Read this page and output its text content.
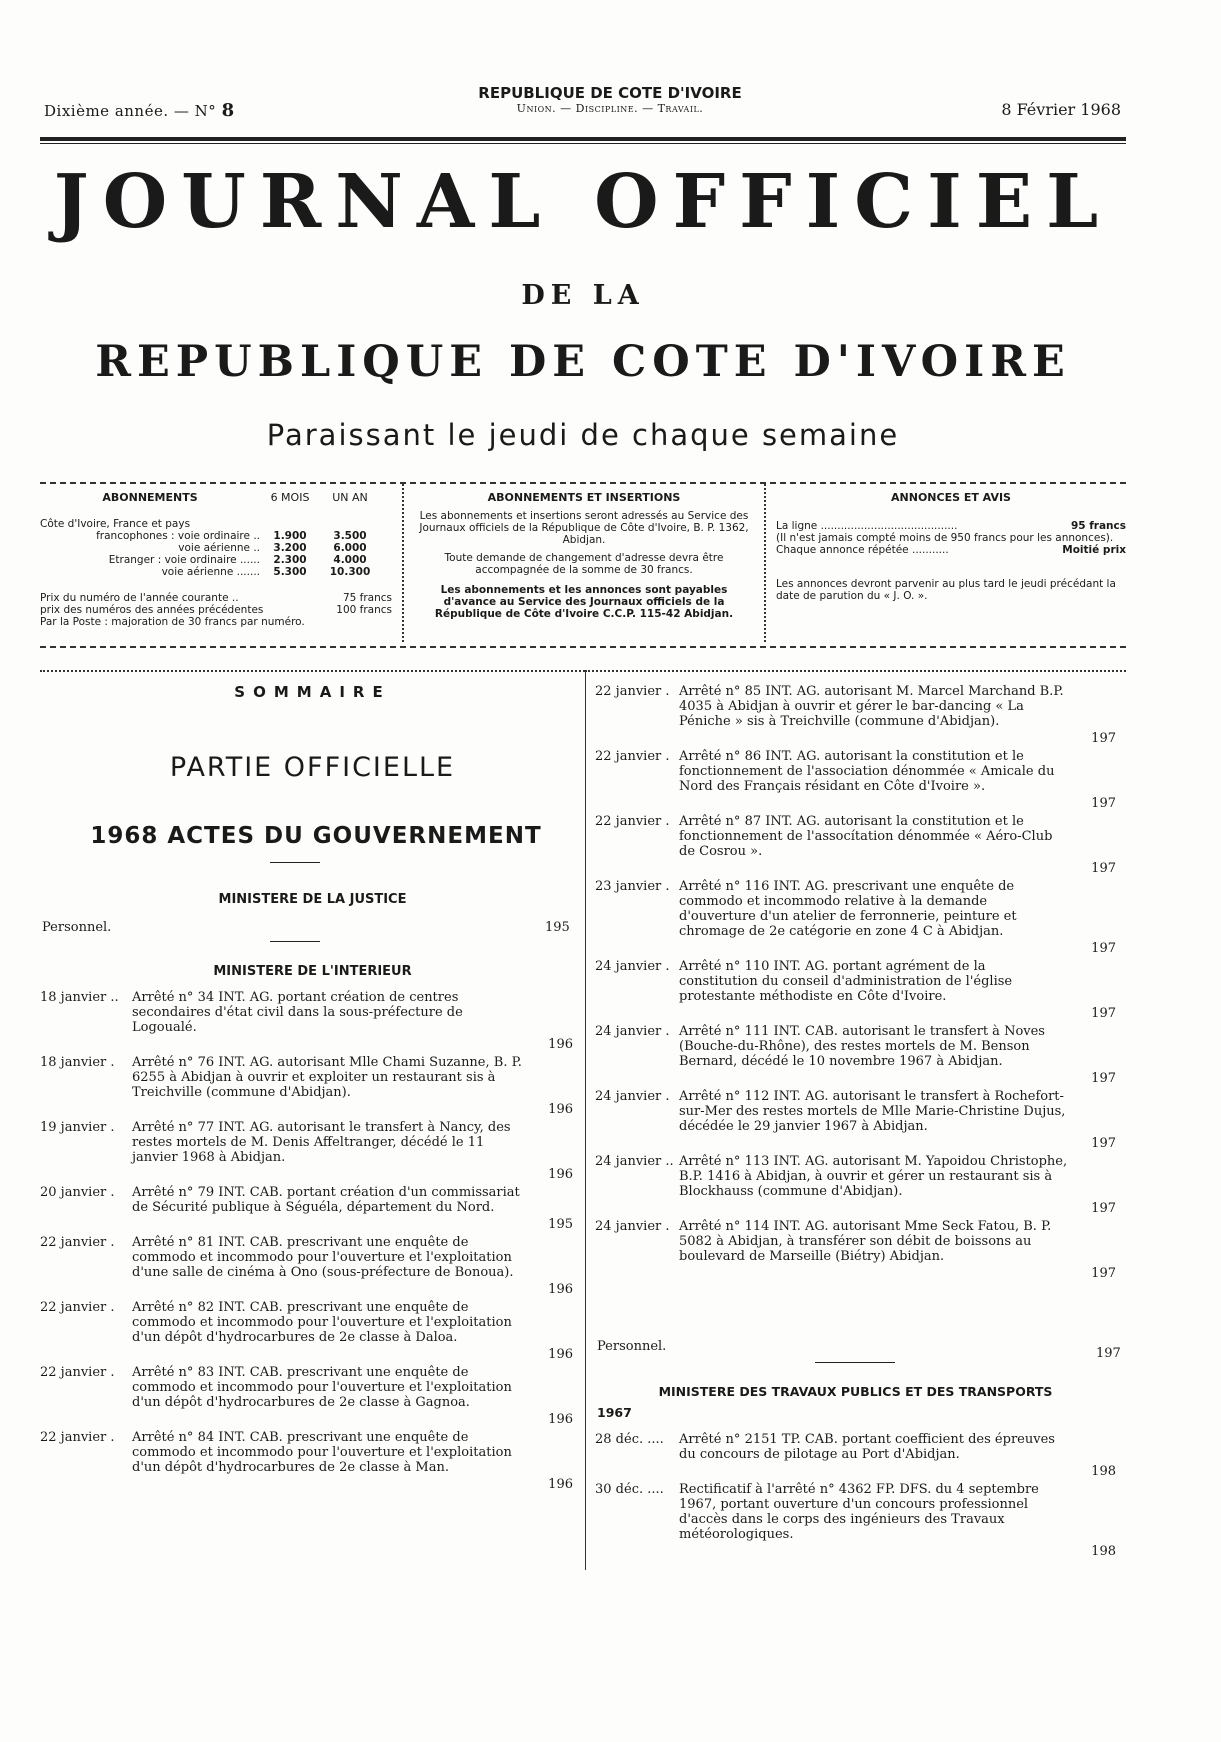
Dixième année. — N° 8
REPUBLIQUE DE COTE D'IVOIRE
Union. — Discipline. — Travail.	8 Février 1968
JOURNAL OFFICIEL
DE LA
REPUBLIQUE DE COTE D'IVOIRE
Paraissant le jeudi de chaque semaine
ABONNEMENTS	6 MOIS	UN AN
Côte d'Ivoire, France et pays
francophones : voie ordinaire ..	1.900	3.500
voie aérienne ..	3.200	6.000
Etranger : voie ordinaire ......	2.300	4.000
voie aérienne .......	5.300	10.300
Prix du numéro de l'année courante ..	75 francs
prix des numéros des années précédentes	100 francs
Par la Poste : majoration de 30 francs par numéro.
ABONNEMENTS ET INSERTIONS
Les abonnements et insertions seront adressés au Service des Journaux officiels de la République de Côte d'Ivoire, B. P. 1362, Abidjan.
Toute demande de changement d'adresse devra être accompagnée de la somme de 30 francs.
Les abonnements et les annonces sont payables d'avance au Service des Journaux officiels de la République de Côte d'Ivoire C.C.P. 115-42 Abidjan.
ANNONCES ET AVIS
La ligne .........................................	95 francs
(Il n'est jamais compté moins de 950 francs pour les annonces).
Chaque annonce répétée ...........	Moitié prix
Les annonces devront parvenir au plus tard le jeudi précédant la date de parution du « J. O. ».
SOMMAIRE
PARTIE OFFICIELLE
1968 ACTES DU GOUVERNEMENT
MINISTERE DE LA JUSTICE
Personnel.	195
MINISTERE DE L'INTERIEUR
18 janvier .. Arrêté n° 34 INT. AG. portant création de centres secondaires d'état civil dans la sous-préfecture de Logoualé.
196
18 janvier . Arrêté n° 76 INT. AG. autorisant Mlle Chami Suzanne, B. P. 6255 à Abidjan à ouvrir et exploiter un restaurant sis à Treichville (commune d'Abidjan).
196
19 janvier . Arrêté n° 77 INT. AG. autorisant le transfert à Nancy, des restes mortels de M. Denis Affeltranger, décédé le 11 janvier 1968 à Abidjan.
196
20 janvier . Arrêté n° 79 INT. CAB. portant création d'un commissariat de Sécurité publique à Séguéla, département du Nord.
195
22 janvier . Arrêté n° 81 INT. CAB. prescrivant une enquête de commodo et incommodo pour l'ouverture et l'exploitation d'une salle de cinéma à Ono (sous-préfecture de Bonoua).
196
22 janvier . Arrêté n° 82 INT. CAB. prescrivant une enquête de commodo et incommodo pour l'ouverture et l'exploitation d'un dépôt d'hydrocarbures de 2e classe à Daloa.
196
22 janvier . Arrêté n° 83 INT. CAB. prescrivant une enquête de commodo et incommodo pour l'ouverture et l'exploitation d'un dépôt d'hydrocarbures de 2e classe à Gagnoa.
196
22 janvier . Arrêté n° 84 INT. CAB. prescrivant une enquête de commodo et incommodo pour l'ouverture et l'exploitation d'un dépôt d'hydrocarbures de 2e classe à Man.
196
22 janvier . Arrêté n° 85 INT. AG. autorisant M. Marcel Marchand B.P. 4035 à Abidjan à ouvrir et gérer le bar-dancing « La Péniche » sis à Treichville (commune d'Abidjan).
197
22 janvier . Arrêté n° 86 INT. AG. autorisant la constitution et le fonctionnement de l'association dénommée « Amicale du Nord des Français résidant en Côte d'Ivoire ».
197
22 janvier . Arrêté n° 87 INT. AG. autorisant la constitution et le fonctionnement de l'assocítation dénommée « Aéro-Club de Cosrou ».
197
23 janvier . Arrêté n° 116 INT. AG. prescrivant une enquête de commodo et incommodo relative à la demande d'ouverture d'un atelier de ferronnerie, peinture et chromage de 2e catégorie en zone 4 C à Abidjan.
197
24 janvier . Arrêté n° 110 INT. AG. portant agrément de la constitution du conseil d'administration de l'église protestante méthodiste en Côte d'Ivoire.
197
24 janvier . Arrêté n° 111 INT. CAB. autorisant le transfert à Noves (Bouche-du-Rhône), des restes mortels de M. Benson Bernard, décédé le 10 novembre 1967 à Abidjan.
197
24 janvier . Arrêté n° 112 INT. AG. autorisant le transfert à Rochefort-sur-Mer des restes mortels de Mlle Marie-Christine Dujus, décédée le 29 janvier 1967 à Abidjan.
197
24 janvier .. Arrêté n° 113 INT. AG. autorisant M. Yapoidou Christophe, B.P. 1416 à Abidjan, à ouvrir et gérer un restaurant sis à Blockhauss (commune d'Abidjan).
197
24 janvier . Arrêté n° 114 INT. AG. autorisant Mme Seck Fatou, B. P. 5082 à Abidjan, à transférer son débit de boissons au boulevard de Marseille (Biétry) Abidjan.
197
Personnel.	197
MINISTERE DES TRAVAUX PUBLICS ET DES TRANSPORTS
1967
28 déc. .... Arrêté n° 2151 TP. CAB. portant coefficient des épreuves du concours de pilotage au Port d'Abidjan.
198
30 déc. .... Rectificatif à l'arrêté n° 4362 FP. DFS. du 4 septembre 1967, portant ouverture d'un concours professionnel d'accès dans le corps des ingénieurs des Travaux météorologiques.
198
